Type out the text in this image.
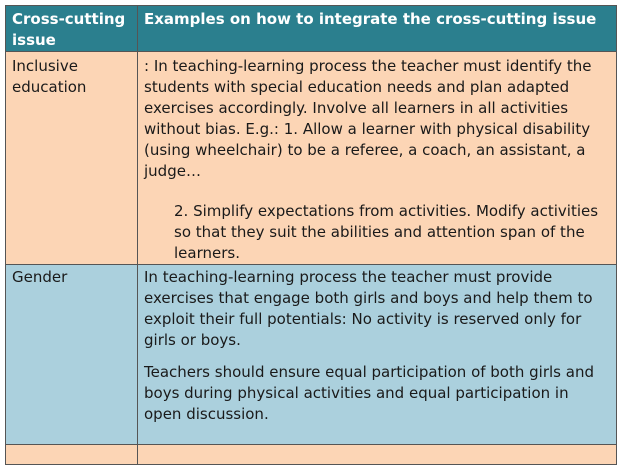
Cross-cutting issue	Examples on how to integrate the cross-cutting issue
Inclusive education	: In teaching-learning process the teacher must identify the students with special education needs and plan adapted exercises accordingly. Involve all learners in all activities without bias. E.g.: 1. Allow a learner with physical disability (using wheelchair) to be a referee, a coach, an assistant, a judge…

2. Simplify expectations from activities. Modify activities so that they suit the abilities and attention span of the learners.

Gender	In teaching-learning process the teacher must provide exercises that engage both girls and boys and help them to exploit their full potentials: No activity is reserved only for girls or boys.

Teachers should ensure equal participation of both girls and boys during physical activities and equal participation in open discussion.
